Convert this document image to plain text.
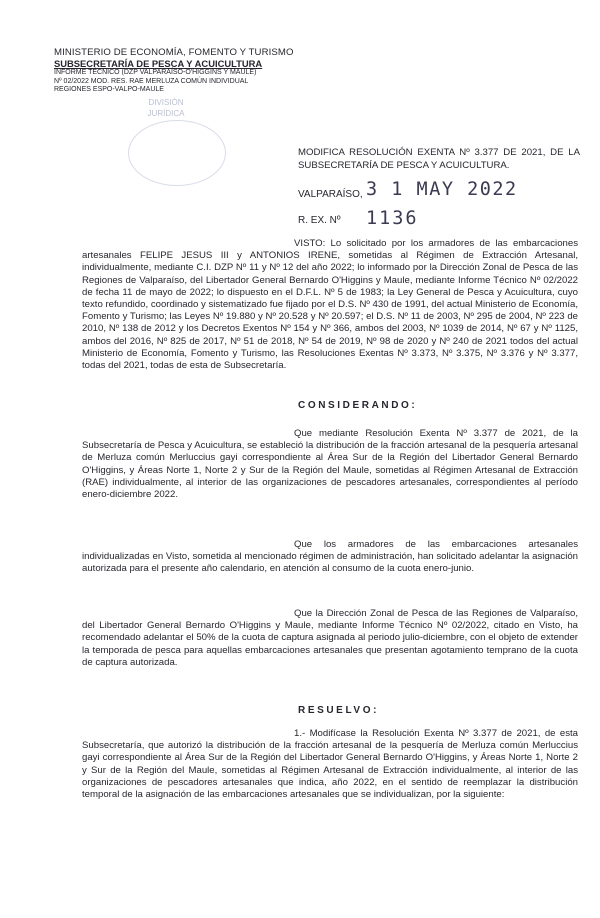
MINISTERIO DE ECONOMÍA, FOMENTO Y TURISMO
SUBSECRETARÍA DE PESCA Y ACUICULTURA
INFORME TÉCNICO (DZP VALPARAÍSO-O'HIGGINS Y MAULE)
Nº 02/2022 MOD. RES. RAE MERLUZA COMÚN INDIVIDUAL
REGIONES ESPO-VALPO-MAULE
DIVISIÓN JURÍDICA
MODIFICA RESOLUCIÓN EXENTA Nº 3.377 DE 2021, DE LA SUBSECRETARÍA DE PESCA Y ACUICULTURA.
VALPARAÍSO, 3 1 MAY 2022
R. EX. Nº 1136

VISTO: Lo solicitado por los armadores de las embarcaciones artesanales FELIPE JESUS III y ANTONIOS IRENE, sometidas al Régimen de Extracción Artesanal, individualmente, mediante C.I. DZP Nº 11 y Nº 12 del año 2022; lo informado por la Dirección Zonal de Pesca de las Regiones de Valparaíso, del Libertador General Bernardo O'Higgins y Maule, mediante Informe Técnico Nº 02/2022 de fecha 11 de mayo de 2022; lo dispuesto en el D.F.L. Nº 5 de 1983; la Ley General de Pesca y Acuicultura, cuyo texto refundido, coordinado y sistematizado fue fijado por el D.S. Nº 430 de 1991, del actual Ministerio de Economía, Fomento y Turismo; las Leyes Nº 19.880 y Nº 20.528 y Nº 20.597; el D.S. Nº 11 de 2003, Nº 295 de 2004, Nº 223 de 2010, Nº 138 de 2012 y los Decretos Exentos Nº 154 y Nº 366, ambos del 2003, Nº 1039 de 2014, Nº 67 y Nº 1125, ambos del 2016, Nº 825 de 2017, Nº 51 de 2018, Nº 54 de 2019, Nº 98 de 2020 y Nº 240 de 2021 todos del actual Ministerio de Economía, Fomento y Turismo, las Resoluciones Exentas Nº 3.373, Nº 3.375, Nº 3.376 y Nº 3.377, todas del 2021, todas de esta de Subsecretaría.

CONSIDERANDO:

Que mediante Resolución Exenta Nº 3.377 de 2021, de la Subsecretaría de Pesca y Acuicultura, se estableció la distribución de la fracción artesanal de la pesquería artesanal de Merluza común Merluccius gayi correspondiente al Área Sur de la Región del Libertador General Bernardo O'Higgins, y Áreas Norte 1, Norte 2 y Sur de la Región del Maule, sometidas al Régimen Artesanal de Extracción (RAE) individualmente, al interior de las organizaciones de pescadores artesanales, correspondientes al período enero-diciembre 2022.

Que los armadores de las embarcaciones artesanales individualizadas en Visto, sometida al mencionado régimen de administración, han solicitado adelantar la asignación autorizada para el presente año calendario, en atención al consumo de la cuota enero-junio.

Que la Dirección Zonal de Pesca de las Regiones de Valparaíso, del Libertador General Bernardo O'Higgins y Maule, mediante Informe Técnico Nº 02/2022, citado en Visto, ha recomendado adelantar el 50% de la cuota de captura asignada al periodo julio-diciembre, con el objeto de extender la temporada de pesca para aquellas embarcaciones artesanales que presentan agotamiento temprano de la cuota de captura autorizada.

RESUELVO:

1.- Modifícase la Resolución Exenta Nº 3.377 de 2021, de esta Subsecretaría, que autorizó la distribución de la fracción artesanal de la pesquería de Merluza común Merluccius gayi correspondiente al Área Sur de la Región del Libertador General Bernardo O'Higgins, y Áreas Norte 1, Norte 2 y Sur de la Región del Maule, sometidas al Régimen Artesanal de Extracción individualmente, al interior de las organizaciones de pescadores artesanales que indica, año 2022, en el sentido de reemplazar la distribución temporal de la asignación de las embarcaciones artesanales que se individualizan, por la siguiente:
